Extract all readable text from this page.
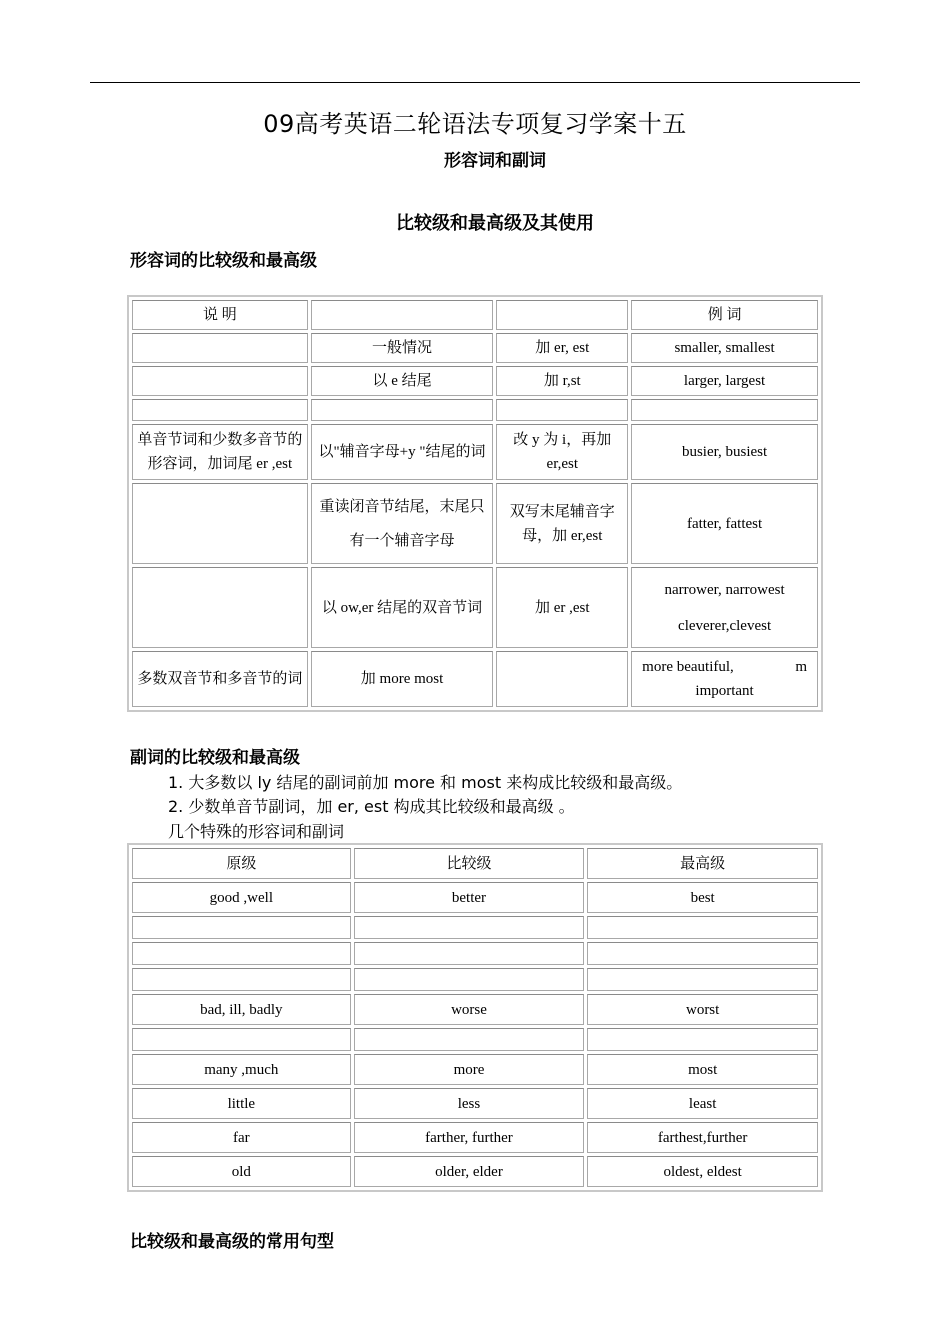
09高考英语二轮语法专项复习学案十五
形容词和副词
比较级和最高级及其使用
形容词的比较级和最高级
说 明			例 词
	一般情况	加 er, est	smaller, smallest
	以 e 结尾	加 r,st	larger, largest

单音节词和少数多音节的形容词，加词尾 er ,est	以"辅音字母+y "结尾的词	改 y 为 i，再加 er,est	busier, busiest
	重读闭音节结尾，末尾只有一个辅音字母	双写末尾辅音字母，加 er,est	fatter, fattest
	以 ow,er 结尾的双音节词	加 er ,est	narrower, narrowest
cleverer,clevest

多数双音节和多音节的词	加 more most		more beautiful, m
important
副词的比较级和最高级
1. 大多数以 ly 结尾的副词前加 more 和 most 来构成比较级和最高级。
2. 少数单音节副词，加 er, est 构成其比较级和最高级 。
几个特殊的形容词和副词
原级	比较级	最高级
good ,well	better	best

bad, ill, badly	worse	worst

many ,much	more	most
little	less	least
far	farther, further	farthest,further
old	older, elder	oldest, eldest
比较级和最高级的常用句型
